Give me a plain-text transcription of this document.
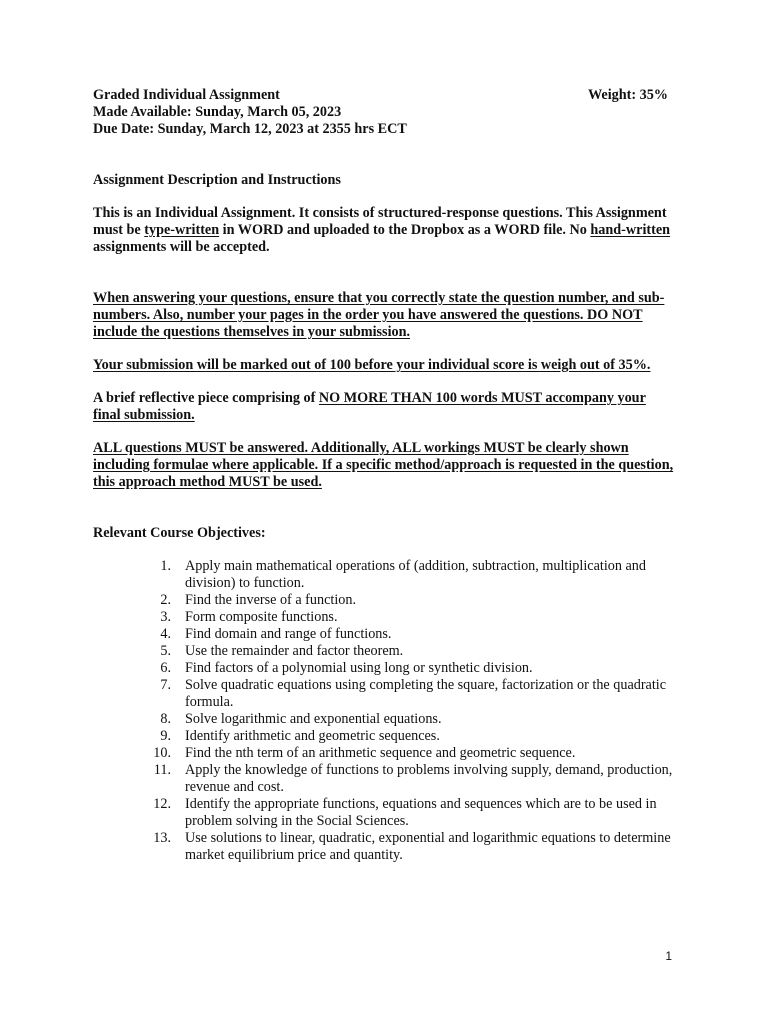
Graded Individual Assignment	Weight: 35%
Made Available: Sunday, March 05, 2023
Due Date: Sunday, March 12, 2023 at 2355 hrs ECT

Assignment Description and Instructions

This is an Individual Assignment. It consists of structured-response questions. This Assignment must be type-written in WORD and uploaded to the Dropbox as a WORD file. No hand-written assignments will be accepted.

When answering your questions, ensure that you correctly state the question number, and sub-numbers. Also, number your pages in the order you have answered the questions. DO NOT include the questions themselves in your submission.

Your submission will be marked out of 100 before your individual score is weigh out of 35%.

A brief reflective piece comprising of NO MORE THAN 100 words MUST accompany your final submission.

ALL questions MUST be answered. Additionally, ALL workings MUST be clearly shown including formulae where applicable. If a specific method/approach is requested in the question, this approach method MUST be used.

Relevant Course Objectives:

1. Apply main mathematical operations of (addition, subtraction, multiplication and division) to function.
2. Find the inverse of a function.
3. Form composite functions.
4. Find domain and range of functions.
5. Use the remainder and factor theorem.
6. Find factors of a polynomial using long or synthetic division.
7. Solve quadratic equations using completing the square, factorization or the quadratic formula.
8. Solve logarithmic and exponential equations.
9. Identify arithmetic and geometric sequences.
10. Find the nth term of an arithmetic sequence and geometric sequence.
11. Apply the knowledge of functions to problems involving supply, demand, production, revenue and cost.
12. Identify the appropriate functions, equations and sequences which are to be used in problem solving in the Social Sciences.
13. Use solutions to linear, quadratic, exponential and logarithmic equations to determine market equilibrium price and quantity.
1
